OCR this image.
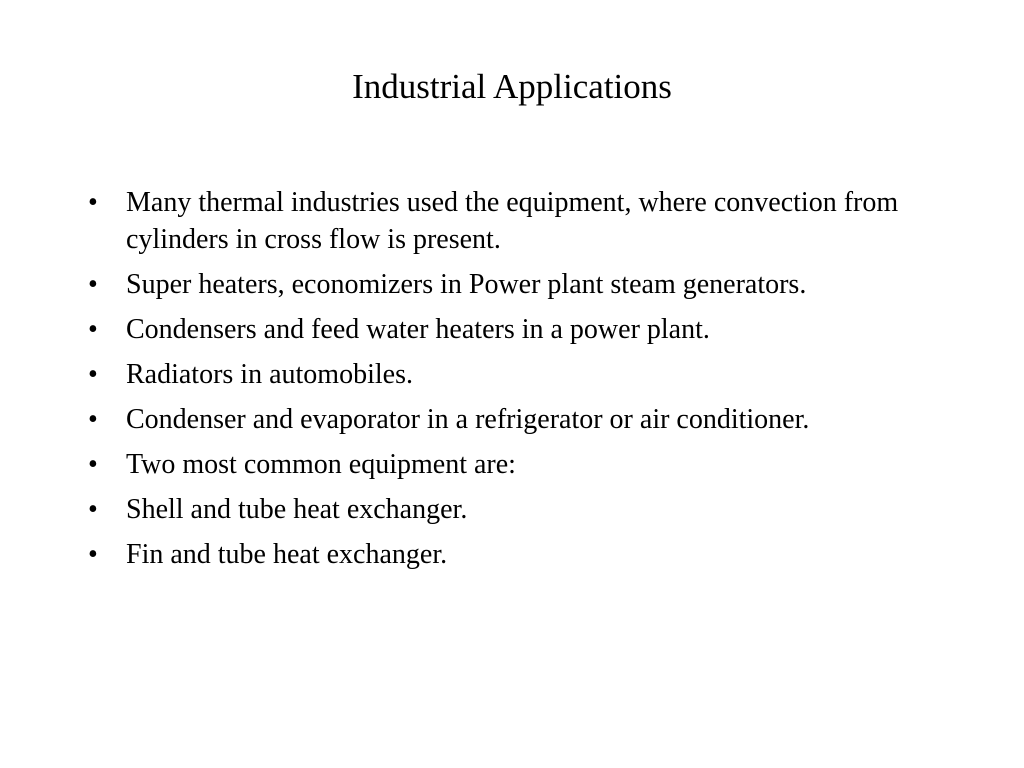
Industrial Applications
•	Many thermal industries used the equipment, where convection from cylinders in cross flow is present.
•	Super heaters, economizers in Power plant steam generators.
•	Condensers and feed water heaters in a power plant.
•	Radiators in automobiles.
•	Condenser and evaporator in a refrigerator or air conditioner.
•	Two most common equipment are:
•	Shell and tube heat exchanger.
•	Fin and tube heat exchanger.
